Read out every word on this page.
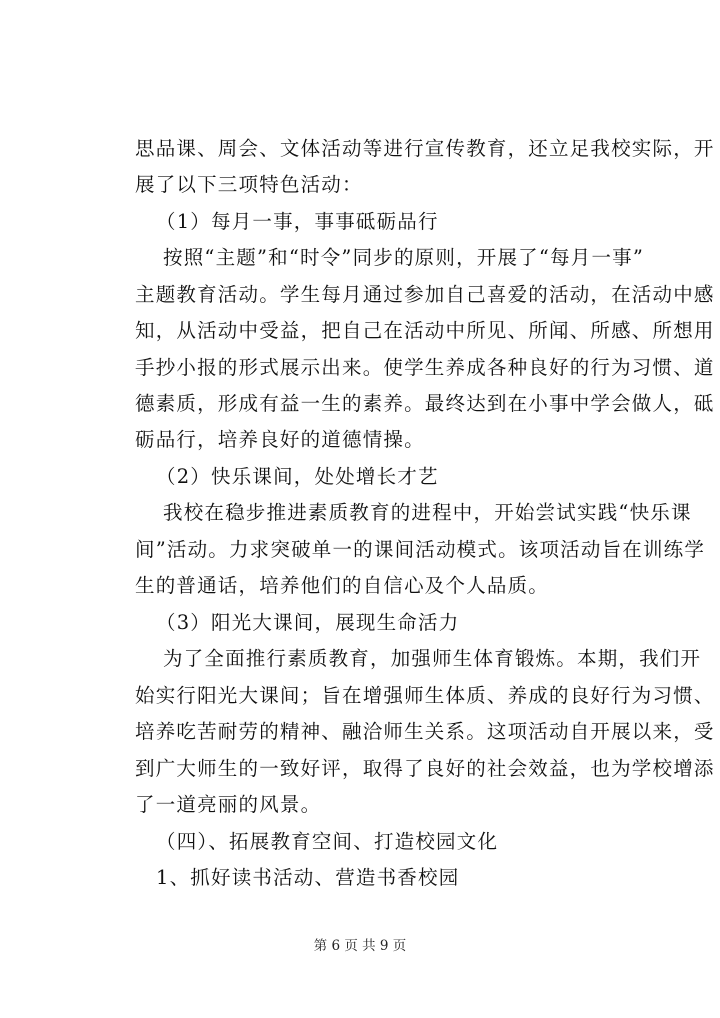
思品课、周会、文体活动等进行宣传教育，还立足我校实际，开
展了以下三项特色活动：
（1）每月一事，事事砥砺品行
按照“主题”和“时令”同步的原则，开展了“每月一事”
主题教育活动。学生每月通过参加自己喜爱的活动，在活动中感
知，从活动中受益，把自己在活动中所见、所闻、所感、所想用
手抄小报的形式展示出来。使学生养成各种良好的行为习惯、道
德素质，形成有益一生的素养。最终达到在小事中学会做人，砥
砺品行，培养良好的道德情操。
（2）快乐课间，处处增长才艺
我校在稳步推进素质教育的进程中，开始尝试实践“快乐课
间”活动。力求突破单一的课间活动模式。该项活动旨在训练学
生的普通话，培养他们的自信心及个人品质。
（3）阳光大课间，展现生命活力
为了全面推行素质教育，加强师生体育锻炼。本期，我们开
始实行阳光大课间；旨在增强师生体质、养成的良好行为习惯、
培养吃苦耐劳的精神、融洽师生关系。这项活动自开展以来，受
到广大师生的一致好评，取得了良好的社会效益，也为学校增添
了一道亮丽的风景。
（四）、拓展教育空间、打造校园文化
1、抓好读书活动、营造书香校园
第 6 页 共 9 页
